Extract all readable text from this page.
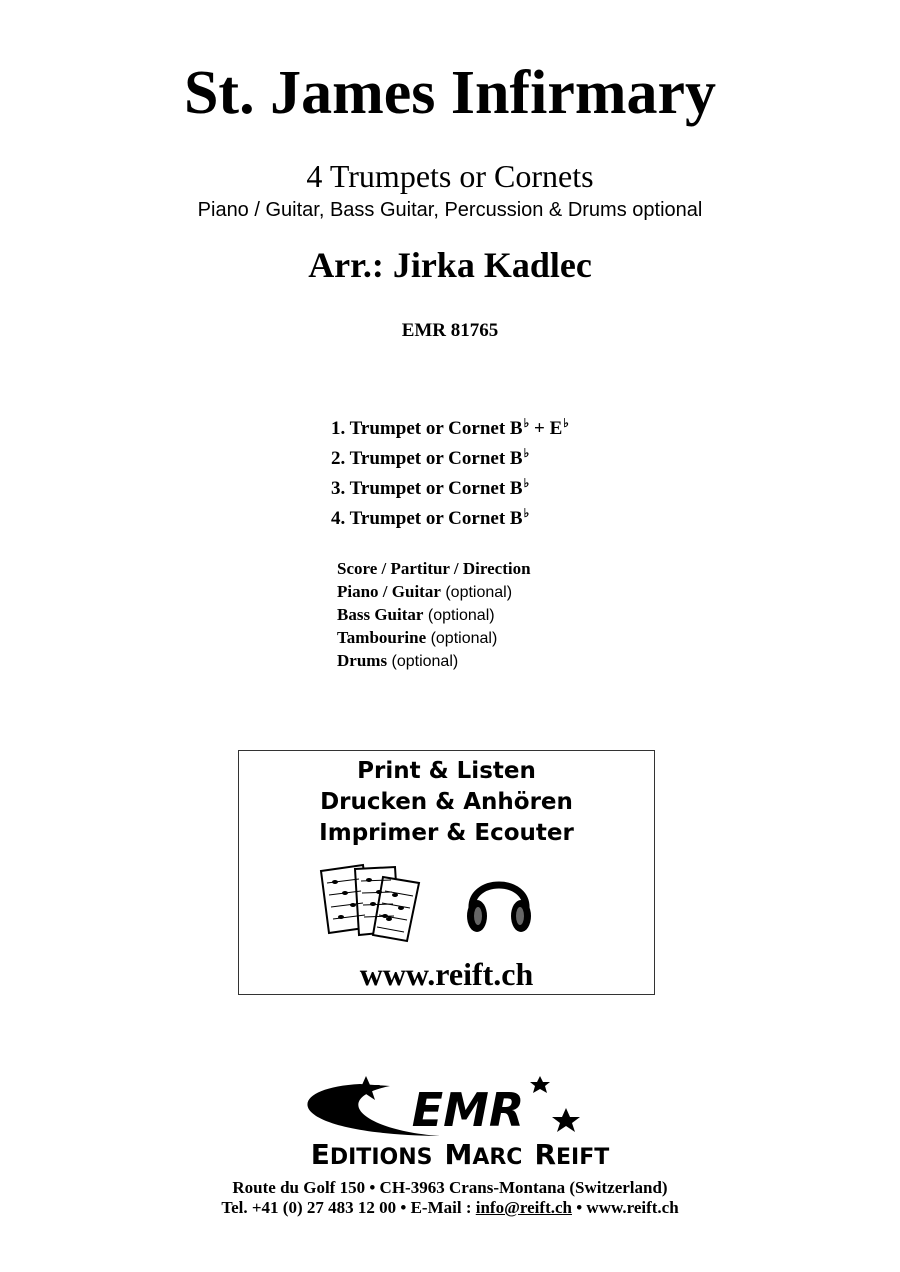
St. James Infirmary
4 Trumpets or Cornets
Piano / Guitar, Bass Guitar, Percussion & Drums optional
Arr.: Jirka Kadlec
EMR 81765
1. Trumpet or Cornet B♭ + E♭
2. Trumpet or Cornet B♭
3. Trumpet or Cornet B♭
4. Trumpet or Cornet B♭
Score / Partitur / Direction
Piano / Guitar (optional)
Bass Guitar (optional)
Tambourine (optional)
Drums (optional)
Print & Listen
Drucken & Anhören
Imprimer & Ecouter
www.reift.ch
EMR
EDITIONS MARC REIFT
Route du Golf 150 • CH-3963 Crans-Montana (Switzerland)
Tel. +41 (0) 27 483 12 00 • E-Mail : info@reift.ch • www.reift.ch
